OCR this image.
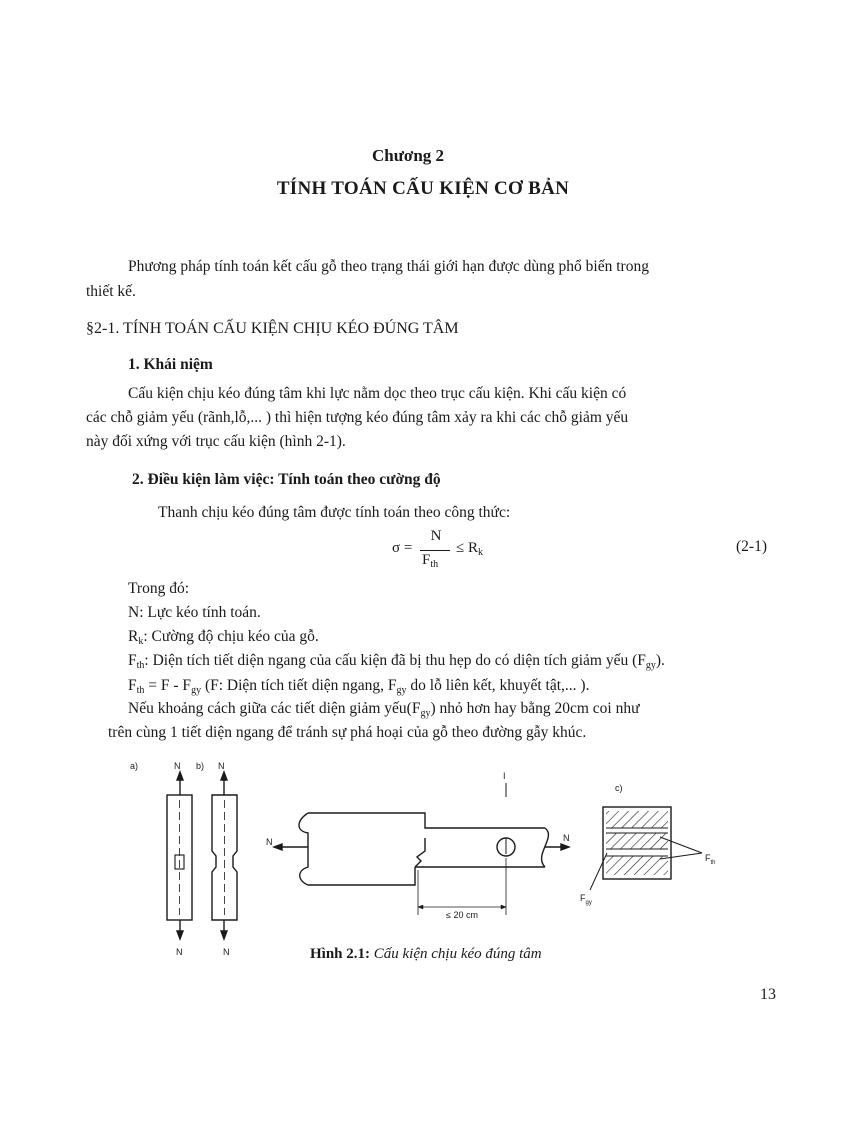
Chương 2
TÍNH TOÁN CẤU KIỆN CƠ BẢN
Phương pháp tính toán kết cấu gỗ theo trạng thái giới hạn được dùng phổ biến trong
thiết kế.
§2-1. TÍNH TOÁN CẤU KIỆN CHỊU KÉO ĐÚNG TÂM
1. Khái niệm
Cấu kiện chịu kéo đúng tâm khi lực nằm dọc theo trục cấu kiện. Khi cấu kiện có
các chỗ giảm yếu (rãnh,lỗ,... ) thì hiện tượng kéo đúng tâm xảy ra khi các chỗ giảm yếu
này đối xứng với trục cấu kiện (hình 2-1).
2. Điều kiện làm việc: Tính toán theo cường độ
Thanh chịu kéo đúng tâm được tính toán theo công thức:
σ =
N
$F_{th}$
≤ $R_k$	(2-1)
Trong đó:
N: Lực kéo tính toán.
$R_k$: Cường độ chịu kéo của gỗ.
$F_{th}$: Diện tích tiết diện ngang của cấu kiện đã bị thu hẹp do có diện tích giảm yếu $(F_{gy})$.
$F_{th} = F - F_{gy}$ (F: Diện tích tiết diện ngang, $F_{gy}$ do lỗ liên kết, khuyết tật,... ).
Nếu khoảng cách giữa các tiết diện giảm $yếu(F_{gy})$ nhỏ hơn hay bằng 20cm coi như
trên cùng 1 tiết diện ngang để tránh sự phá hoại của gỗ theo đường gẫy khúc.
a)	N b) N
N	N
N	N
I
≤ 20 cm
c)
$F_{th}$
$F_{gy}$
Hình 2.1: Cấu kiện chịu kéo đúng tâm
13
